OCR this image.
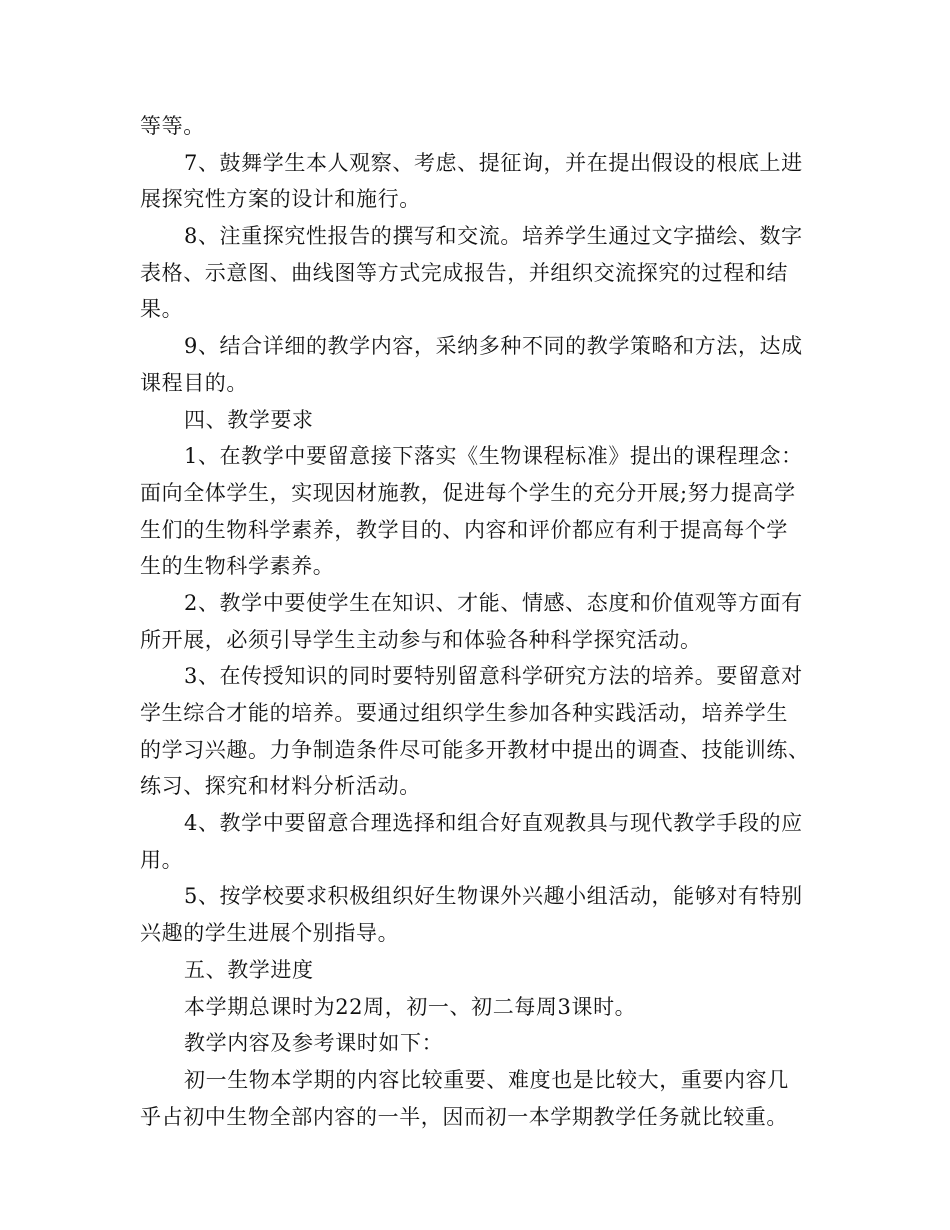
等等。
7、鼓舞学生本人观察、考虑、提征询，并在提出假设的根底上进
展探究性方案的设计和施行。
8、注重探究性报告的撰写和交流。培养学生通过文字描绘、数字
表格、示意图、曲线图等方式完成报告，并组织交流探究的过程和结
果。
9、结合详细的教学内容，采纳多种不同的教学策略和方法，达成
课程目的。
四、教学要求
1、在教学中要留意接下落实《生物课程标准》提出的课程理念：
面向全体学生，实现因材施教，促进每个学生的充分开展;努力提高学
生们的生物科学素养，教学目的、内容和评价都应有利于提高每个学
生的生物科学素养。
2、教学中要使学生在知识、才能、情感、态度和价值观等方面有
所开展，必须引导学生主动参与和体验各种科学探究活动。
3、在传授知识的同时要特别留意科学研究方法的培养。要留意对
学生综合才能的培养。要通过组织学生参加各种实践活动，培养学生
的学习兴趣。力争制造条件尽可能多开教材中提出的调查、技能训练、
练习、探究和材料分析活动。
4、教学中要留意合理选择和组合好直观教具与现代教学手段的应
用。
5、按学校要求积极组织好生物课外兴趣小组活动，能够对有特别
兴趣的学生进展个别指导。
五、教学进度
本学期总课时为22周，初一、初二每周3课时。
教学内容及参考课时如下：
初一生物本学期的内容比较重要、难度也是比较大，重要内容几
乎占初中生物全部内容的一半，因而初一本学期教学任务就比较重。
